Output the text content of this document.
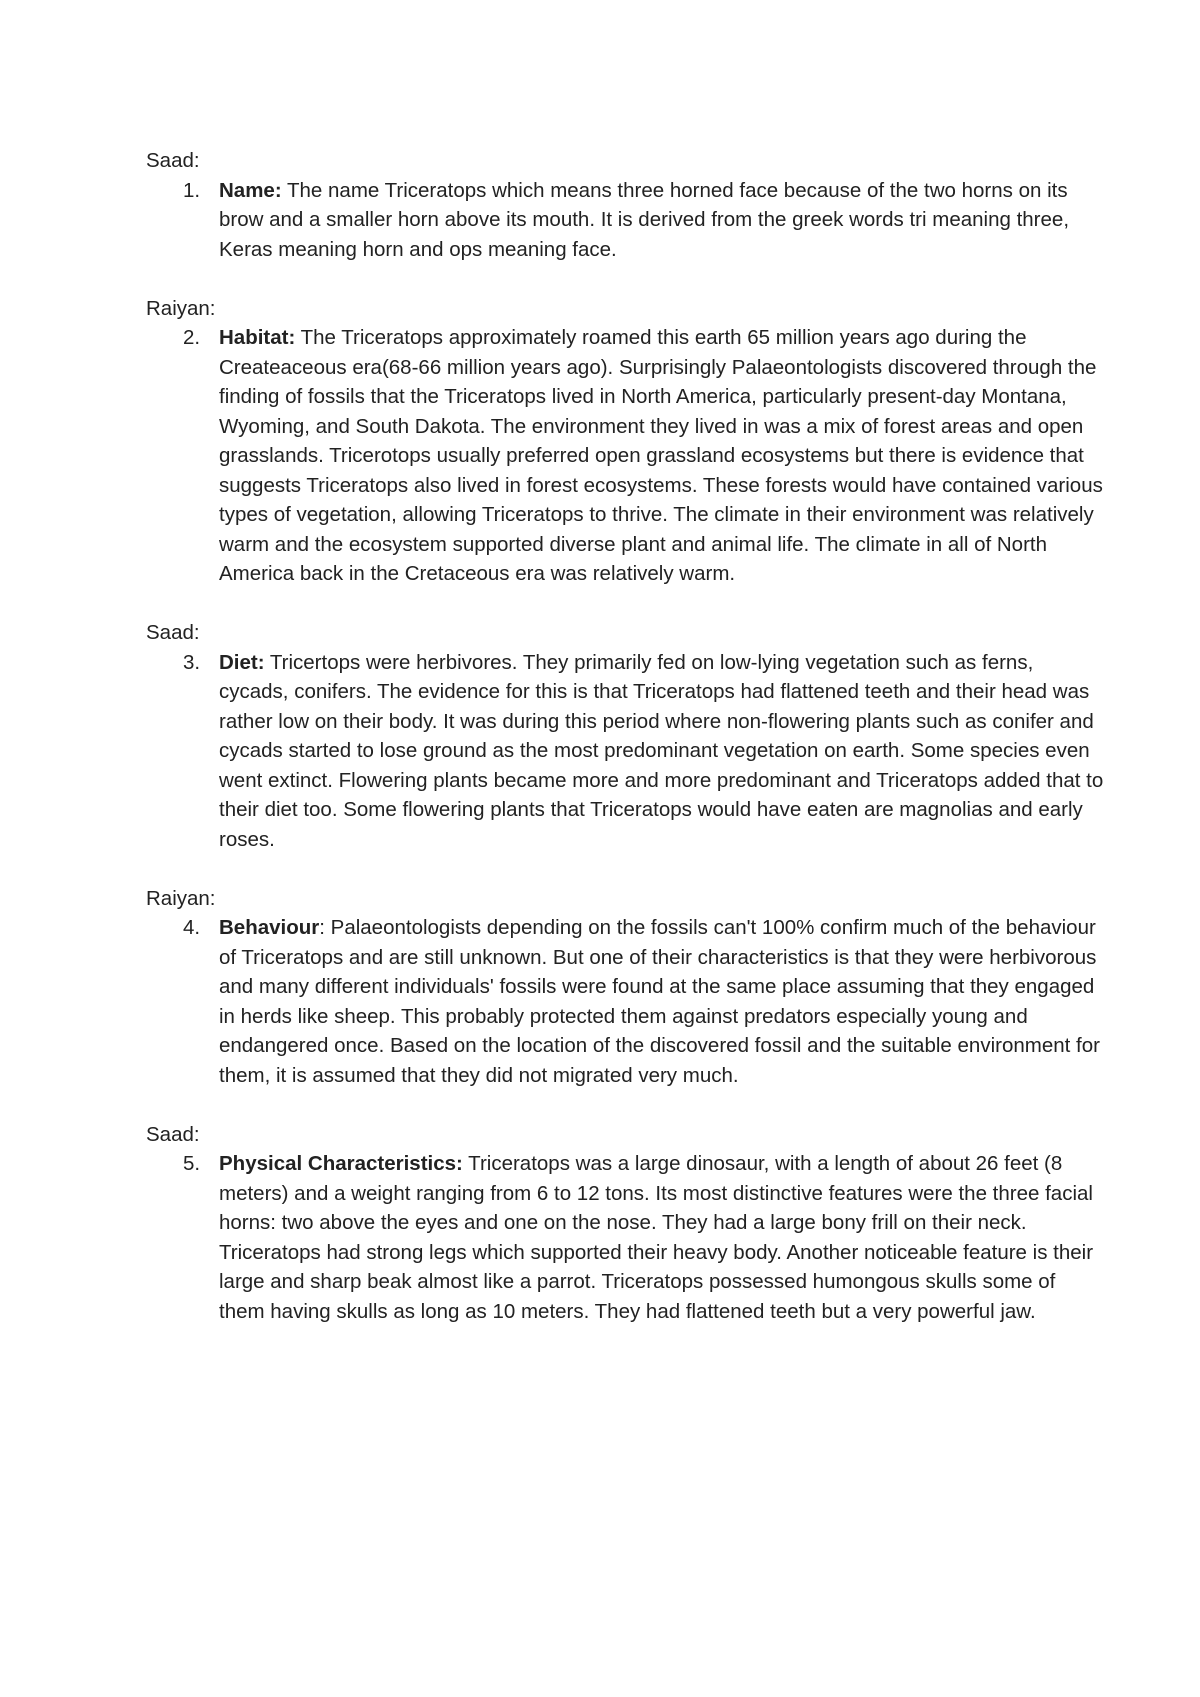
Saad:

1. Name: The name Triceratops which means three horned face because of the two horns on its brow and a smaller horn above its mouth. It is derived from the greek words tri meaning three, Keras meaning horn and ops meaning face.

Raiyan:

2. Habitat: The Triceratops approximately roamed this earth 65 million years ago during the Createaceous era(68-66 million years ago). Surprisingly Palaeontologists discovered through the finding of fossils that the Triceratops lived in North America, particularly present-day Montana, Wyoming, and South Dakota. The environment they lived in was a mix of forest areas and open grasslands. Tricerotops usually preferred open grassland ecosystems but there is evidence that suggests Triceratops also lived in forest ecosystems. These forests would have contained various types of vegetation, allowing Triceratops to thrive. The climate in their environment was relatively warm and the ecosystem supported diverse plant and animal life. The climate in all of North America back in the Cretaceous era was relatively warm.

Saad:

3. Diet: Tricertops were herbivores. They primarily fed on low-lying vegetation such as ferns, cycads, conifers. The evidence for this is that Triceratops had flattened teeth and their head was rather low on their body. It was during this period where non-flowering plants such as conifer and cycads started to lose ground as the most predominant vegetation on earth. Some species even went extinct. Flowering plants became more and more predominant and Triceratops added that to their diet too. Some flowering plants that Triceratops would have eaten are magnolias and early roses.

Raiyan:

4. Behaviour: Palaeontologists depending on the fossils can't 100% confirm much of the behaviour of Triceratops and are still unknown. But one of their characteristics is that they were herbivorous and many different individuals' fossils were found at the same place assuming that they engaged in herds like sheep. This probably protected them against predators especially young and endangered once. Based on the location of the discovered fossil and the suitable environment for them, it is assumed that they did not migrated very much.

Saad:

5. Physical Characteristics: Triceratops was a large dinosaur, with a length of about 26 feet (8 meters) and a weight ranging from 6 to 12 tons. Its most distinctive features were the three facial horns: two above the eyes and one on the nose. They had a large bony frill on their neck. Triceratops had strong legs which supported their heavy body. Another noticeable feature is their large and sharp beak almost like a parrot. Triceratops possessed humongous skulls some of them having skulls as long as 10 meters. They had flattened teeth but a very powerful jaw.
